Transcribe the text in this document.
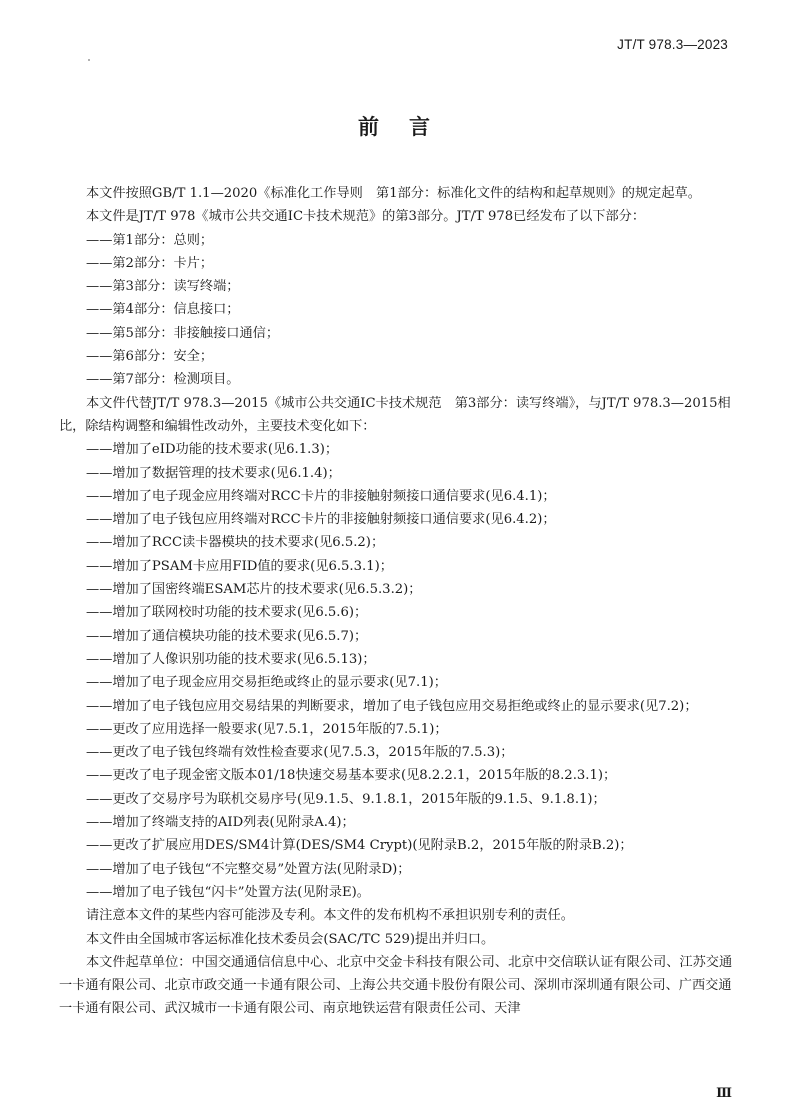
JT/T 978.3—2023
前 言

本文件按照GB/T 1.1—2020《标准化工作导则　第1部分：标准化文件的结构和起草规则》的规定起草。

本文件是JT/T 978《城市公共交通IC卡技术规范》的第3部分。JT/T 978已经发布了以下部分：

——第1部分：总则；

——第2部分：卡片；

——第3部分：读写终端；

——第4部分：信息接口；

——第5部分：非接触接口通信；

——第6部分：安全；

——第7部分：检测项目。

本文件代替JT/T 978.3—2015《城市公共交通IC卡技术规范　第3部分：读写终端》，与JT/T 978.3—2015相比，除结构调整和编辑性改动外，主要技术变化如下：

——增加了eID功能的技术要求(见6.1.3)；

——增加了数据管理的技术要求(见6.1.4)；

——增加了电子现金应用终端对RCC卡片的非接触射频接口通信要求(见6.4.1)；

——增加了电子钱包应用终端对RCC卡片的非接触射频接口通信要求(见6.4.2)；

——增加了RCC读卡器模块的技术要求(见6.5.2)；

——增加了PSAM卡应用FID值的要求(见6.5.3.1)；

——增加了国密终端ESAM芯片的技术要求(见6.5.3.2)；

——增加了联网校时功能的技术要求(见6.5.6)；

——增加了通信模块功能的技术要求(见6.5.7)；

——增加了人像识别功能的技术要求(见6.5.13)；

——增加了电子现金应用交易拒绝或终止的显示要求(见7.1)；

——增加了电子钱包应用交易结果的判断要求，增加了电子钱包应用交易拒绝或终止的显示要求(见7.2)；

——更改了应用选择一般要求(见7.5.1，2015年版的7.5.1)；

——更改了电子钱包终端有效性检查要求(见7.5.3，2015年版的7.5.3)；

——更改了电子现金密文版本01/18快速交易基本要求(见8.2.2.1，2015年版的8.2.3.1)；

——更改了交易序号为联机交易序号(见9.1.5、9.1.8.1，2015年版的9.1.5、9.1.8.1)；

——增加了终端支持的AID列表(见附录A.4)；

——更改了扩展应用DES/SM4计算(DES/SM4 Crypt)(见附录B.2，2015年版的附录B.2)；

——增加了电子钱包“不完整交易”处置方法(见附录D)；

——增加了电子钱包“闪卡”处置方法(见附录E)。

请注意本文件的某些内容可能涉及专利。本文件的发布机构不承担识别专利的责任。

本文件由全国城市客运标准化技术委员会(SAC/TC 529)提出并归口。

本文件起草单位：中国交通通信信息中心、北京中交金卡科技有限公司、北京中交信联认证有限公司、江苏交通一卡通有限公司、北京市政交通一卡通有限公司、上海公共交通卡股份有限公司、深圳市深圳通有限公司、广西交通一卡通有限公司、武汉城市一卡通有限公司、南京地铁运营有限责任公司、天津

Ⅲ
